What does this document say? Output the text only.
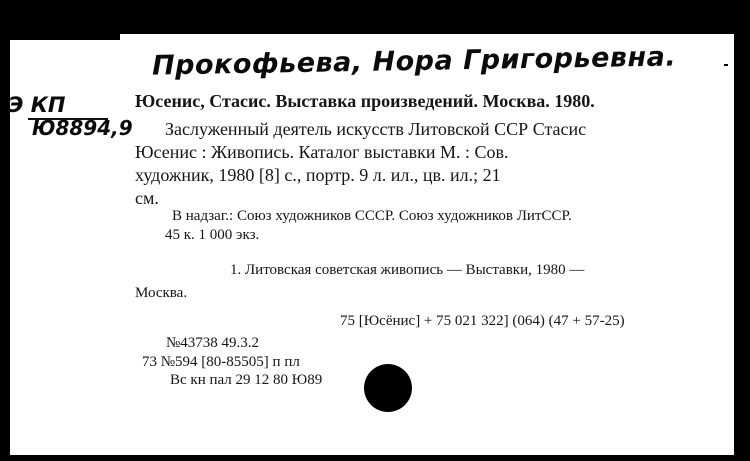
Прокофьева, Нора Григорьевна.
Э КП
Ю8894,9
Юсенис, Стасис. Выставка произведений. Москва. 1980.
Заслуженный деятель искусств Литовской ССР Стасис
Юсенис : Живопись. Каталог выставки М. : Сов.
художник, 1980 [8] с., портр. 9 л. ил., цв. ил.; 21
см.
В надзаг.: Союз художников СССР. Союз художников ЛитССР.
45 к. 1 000 экз.
1. Литовская советская живопись — Выставки, 1980 —
Москва.
75 [Юсёнис] + 75 021 322] (064) (47 + 57-25)
№43738 49.3.2
73 №594 [80-85505] п пл
Вс кн пал 29 12 80 Ю89
